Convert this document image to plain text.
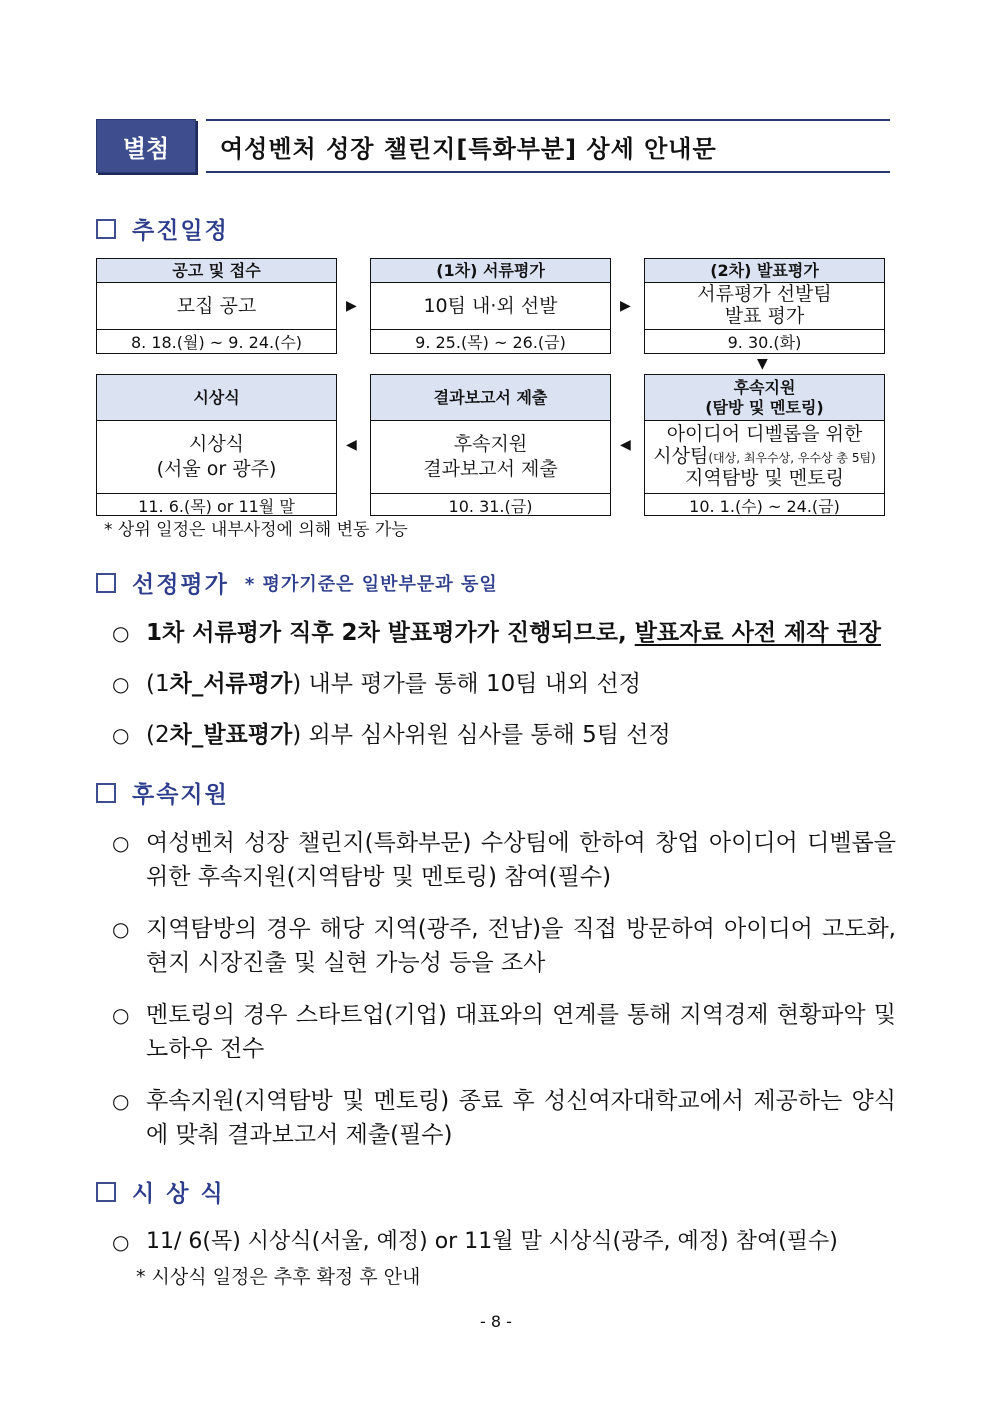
별첨	여성벤처 성장 챌린지[특화부분] 상세 안내문
추진일정
공고 및 접수
모집 공고
8. 18.(월) ~ 9. 24.(수)
▶
(1차) 서류평가
10팀 내·외 선발
9. 25.(목) ~ 26.(금)
▶
(2차) 발표평가
서류평가 선발팀
발표 평가
9. 30.(화)
▼
시상식
시상식
(서울 or 광주)
11. 6.(목) or 11월 말
◀
결과보고서 제출
후속지원
결과보고서 제출
10. 31.(금)
◀
후속지원
(탐방 및 멘토링)
아이디어 디벨롭을 위한
시상팀(대상, 최우수상, 우수상 총 5팀)
지역탐방 및 멘토링
10. 1.(수) ~ 24.(금)
* 상위 일정은 내부사정에 의해 변동 가능
선정평가 * 평가기준은 일반부문과 동일
○ 1차 서류평가 직후 2차 발표평가가 진행되므로, 발표자료 사전 제작 권장
○ (1차_서류평가) 내부 평가를 통해 10팀 내외 선정
○ (2차_발표평가) 외부 심사위원 심사를 통해 5팀 선정
후속지원
○ 여성벤처 성장 챌린지(특화부문) 수상팀에 한하여 창업 아이디어 디벨롭을 위한 후속지원(지역탐방 및 멘토링) 참여(필수)
○ 지역탐방의 경우 해당 지역(광주, 전남)을 직접 방문하여 아이디어 고도화, 현지 시장진출 및 실현 가능성 등을 조사
○ 멘토링의 경우 스타트업(기업) 대표와의 연계를 통해 지역경제 현황파악 및 노하우 전수
○ 후속지원(지역탐방 및 멘토링) 종료 후 성신여자대학교에서 제공하는 양식에 맞춰 결과보고서 제출(필수)
시 상 식
○ 11/ 6(목) 시상식(서울, 예정) or 11월 말 시상식(광주, 예정) 참여(필수)
* 시상식 일정은 추후 확정 후 안내
- 8 -
